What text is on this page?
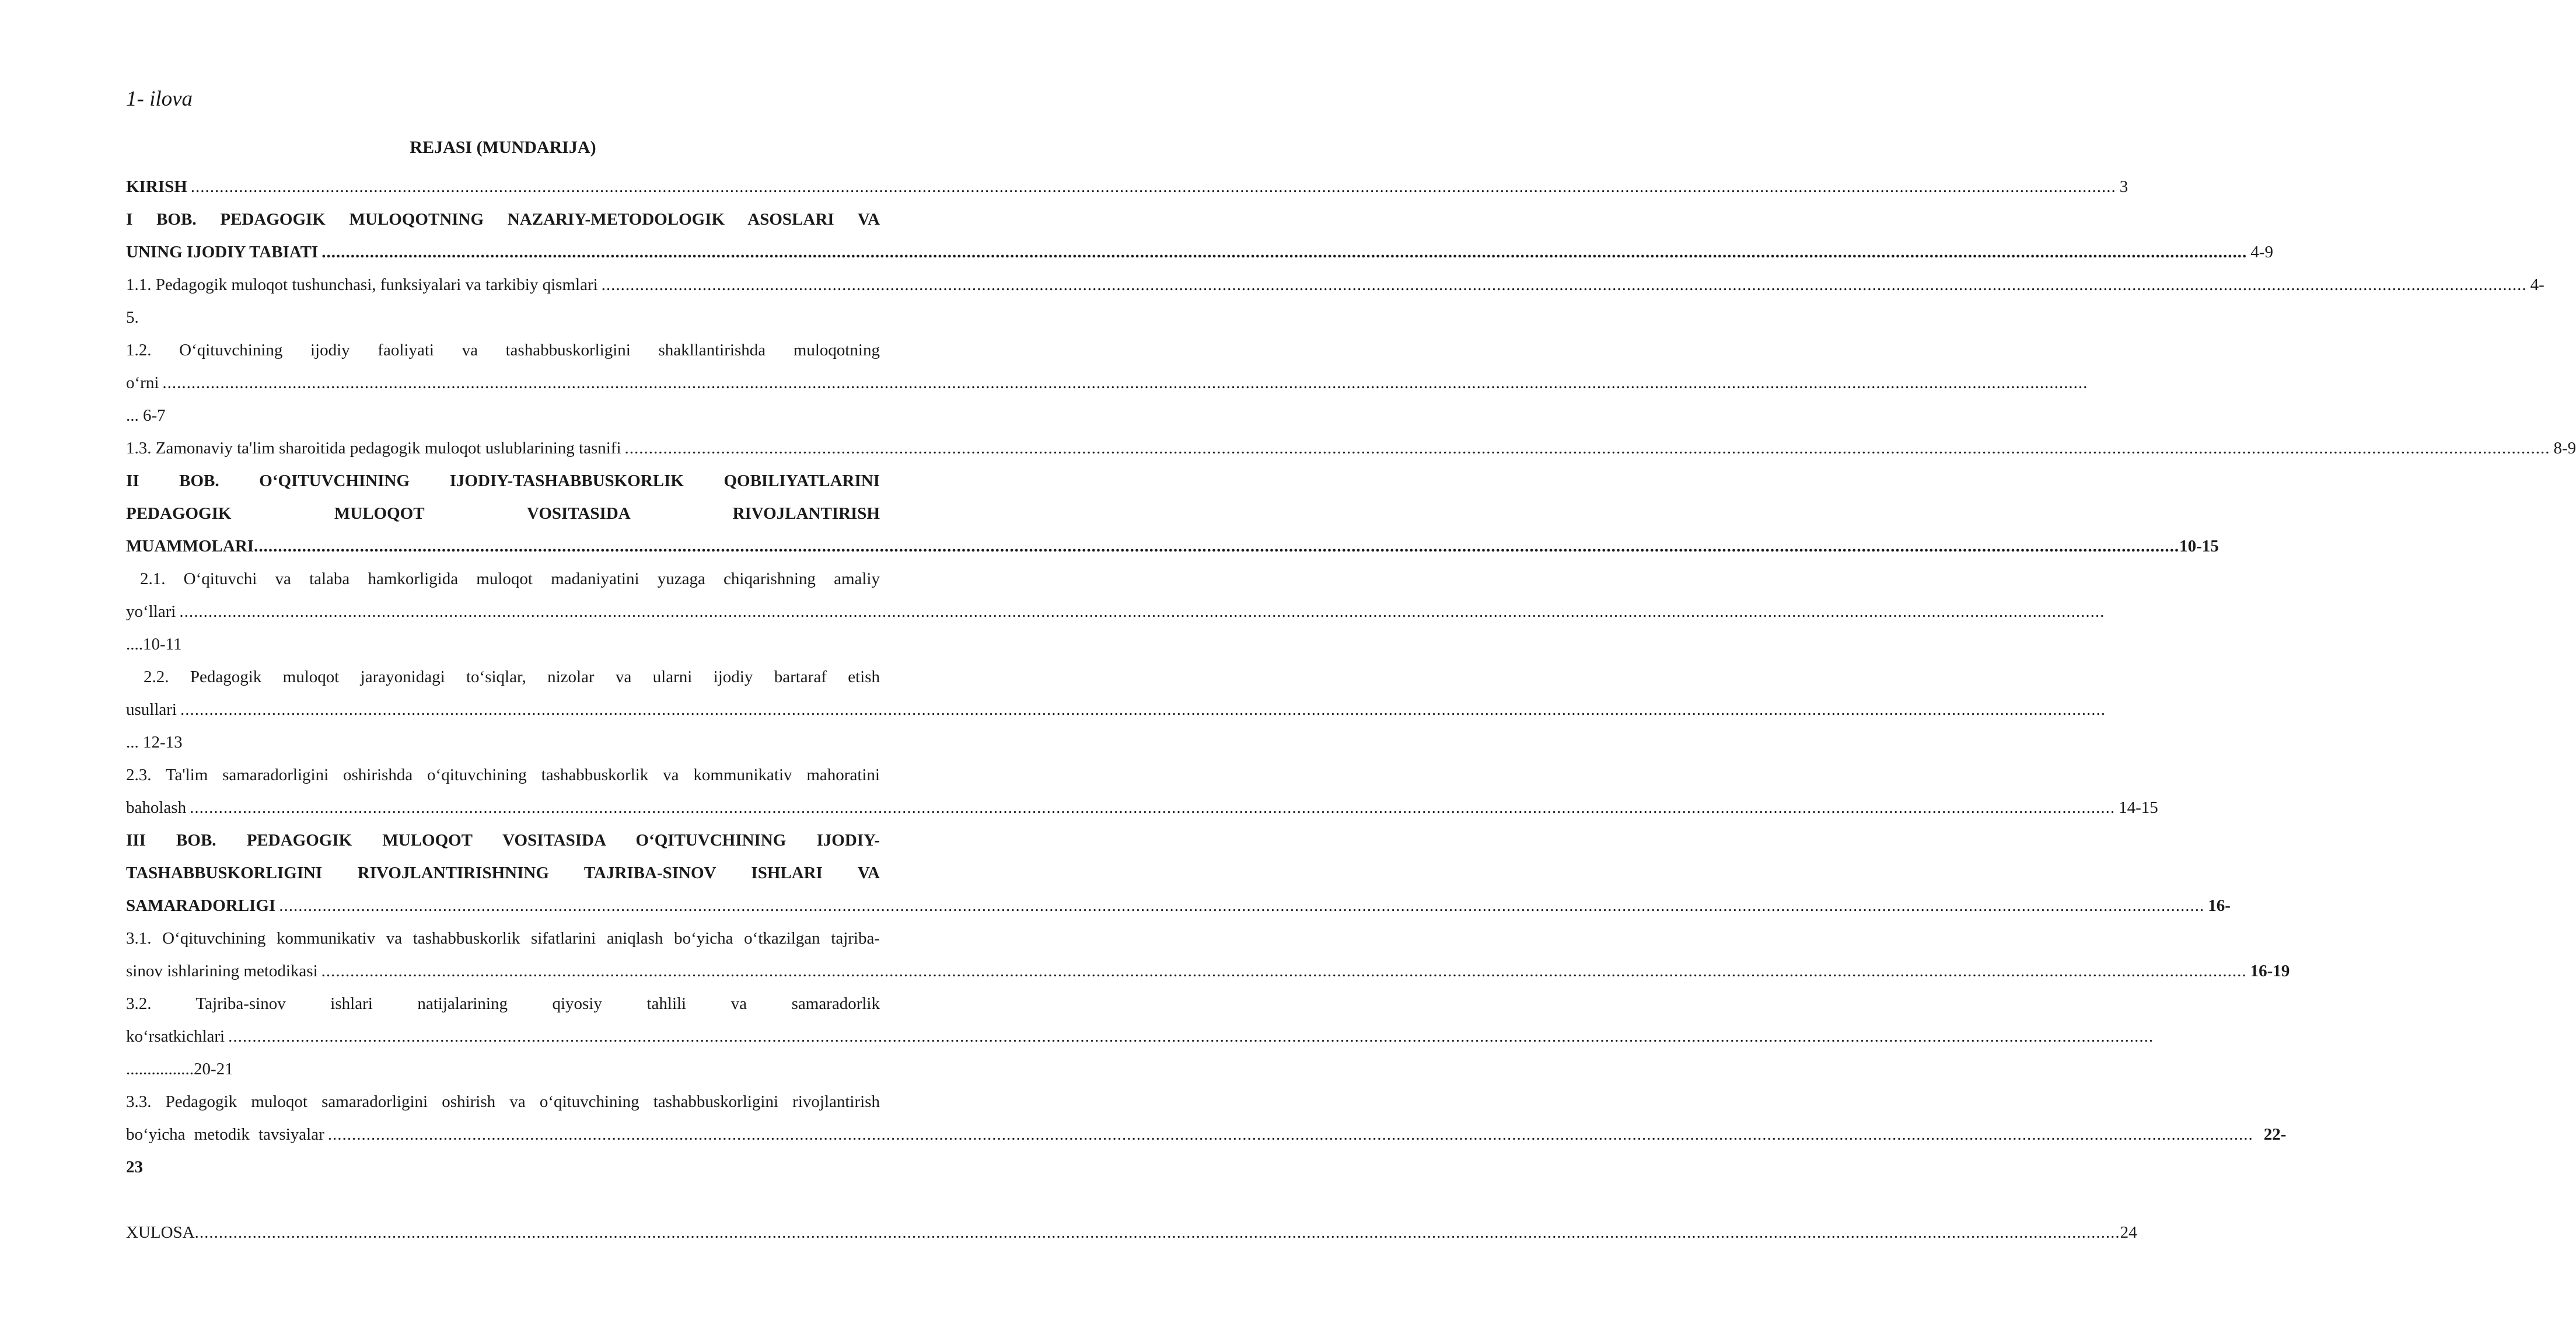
1- ilova

REJASI (MUNDARIJA)

KIRISH ................................................................................................................................................................................................................................................................................................................................................................................................................ 3
I BOB. PEDAGOGIK MULOQOTNING NAZARIY-METODOLOGIK ASOSLARI VA
UNING IJODIY TABIATI ................................................................................................................................................................................................................................................................................................................................................................................................................ 4-9
1.1. Pedagogik muloqot tushunchasi, funksiyalari va tarkibiy qismlari ................................................................................................................................................................................................................................................................................................................................................................................................................ 4-
5.
1.2. O‘qituvchining ijodiy faoliyati va tashabbuskorligini shakllantirishda muloqotning
o‘rni ................................................................................................................................................................................................................................................................................................................................................................................................................
... 6-7
1.3. Zamonaviy ta'lim sharoitida pedagogik muloqot uslublarining tasnifi ................................................................................................................................................................................................................................................................................................................................................................................................................ 8-9
II BOB. O‘QITUVCHINING IJODIY-TASHABBUSKORLIK QOBILIYATLARINI
PEDAGOGIK MULOQOT VOSITASIDA RIVOJLANTIRISH
MUAMMOLARI ................................................................................................................................................................................................................................................................................................................................................................................................................ 10-15
2.1. O‘qituvchi va talaba hamkorligida muloqot madaniyatini yuzaga chiqarishning amaliy
yo‘llari ................................................................................................................................................................................................................................................................................................................................................................................................................
....10-11
2.2. Pedagogik muloqot jarayonidagi to‘siqlar, nizolar va ularni ijodiy bartaraf etish
usullari ................................................................................................................................................................................................................................................................................................................................................................................................................
... 12-13
2.3. Ta'lim samaradorligini oshirishda o‘qituvchining tashabbuskorlik va kommunikativ mahoratini
baholash ................................................................................................................................................................................................................................................................................................................................................................................................................ 14-15
III BOB. PEDAGOGIK MULOQOT VOSITASIDA O‘QITUVCHINING IJODIY-
TASHABBUSKORLIGINI RIVOJLANTIRISHNING TAJRIBA-SINOV ISHLARI VA
SAMARADORLIGI ................................................................................................................................................................................................................................................................................................................................................................................................................ 16-
3.1. O‘qituvchining kommunikativ va tashabbuskorlik sifatlarini aniqlash bo‘yicha o‘tkazilgan tajriba-
sinov ishlarining metodikasi ................................................................................................................................................................................................................................................................................................................................................................................................................ 16-19
3.2. Tajriba-sinov ishlari natijalarining qiyosiy tahlili va samaradorlik
ko‘rsatkichlari ................................................................................................................................................................................................................................................................................................................................................................................................................
................20-21
3.3. Pedagogik muloqot samaradorligini oshirish va o‘qituvchining tashabbuskorligini rivojlantirish
bo‘yicha metodik tavsiyalar ................................................................................................................................................................................................................................................................................................................................................................................................................ 22-
23
XULOSA ................................................................................................................................................................................................................................................................................................................................................................................................................ 24
